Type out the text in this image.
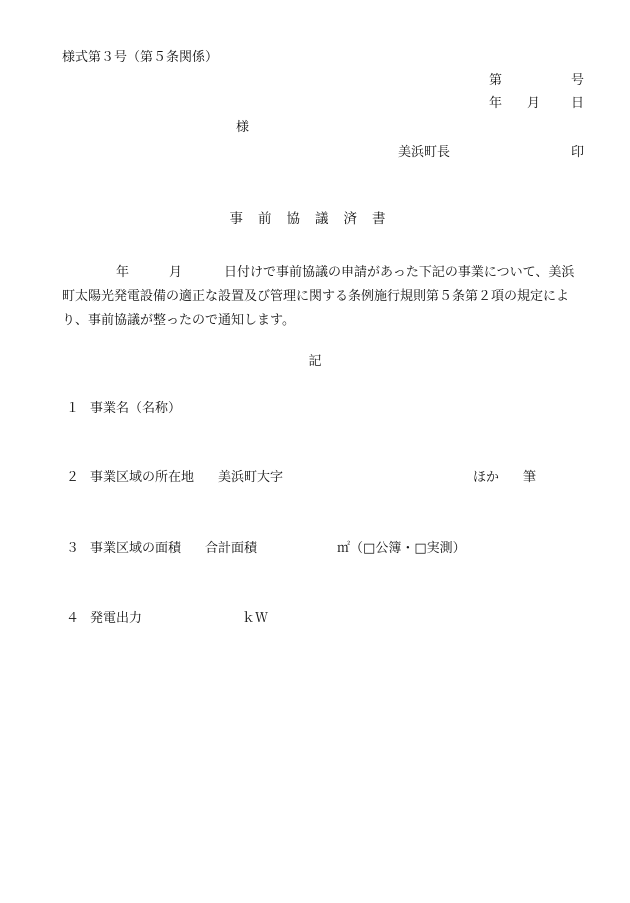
様式第３号（第５条関係）
第	号
年 月 日
様
美浜町長	印
事前協議済書
年	月	日付けで事前協議の申請があった下記の事業について、美浜
町太陽光発電設備の適正な設置及び管理に関する条例施行規則第５条第２項の規定によ
り、事前協議が整ったので通知します。
記
１ 事業名（名称）
２ 事業区域の所在地 美浜町大字	ほか 筆
３ 事業区域の面積 合計面積	㎡（□公簿・□実測）
４ 発電出力	ｋＷ
